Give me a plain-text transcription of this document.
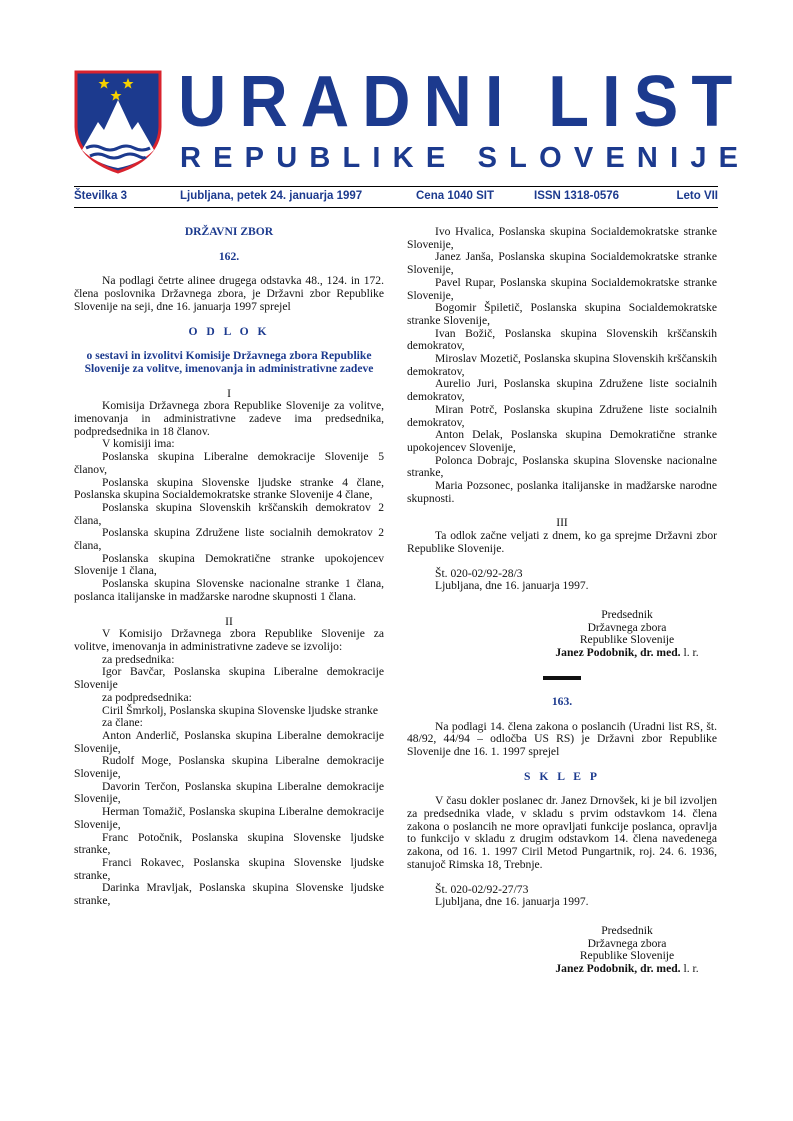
URADNI LIST
REPUBLIKE SLOVENIJE
Številka 3	Ljubljana, petek 24. januarja 1997	Cena 1040 SIT	ISSN 1318-0576	Leto VII

DRŽAVNI ZBOR

162.

Na podlagi četrte alinee drugega odstavka 48., 124. in 172. člena poslovnika Državnega zbora, je Državni zbor Republike Slovenije na seji, dne 16. januarja 1997 sprejel

O D L O K

o sestavi in izvolitvi Komisije Državnega zbora Republike Slovenije za volitve, imenovanja in administrativne zadeve

I

Komisija Državnega zbora Republike Slovenije za volitve, imenovanja in administrativne zadeve ima predsednika, podpredsednika in 18 članov.

V komisiji ima:

Poslanska skupina Liberalne demokracije Slovenije 5 članov,

Poslanska skupina Slovenske ljudske stranke 4 člane, Poslanska skupina Socialdemokratske stranke Slovenije 4 člane,

Poslanska skupina Slovenskih krščanskih demokratov 2 člana,

Poslanska skupina Združene liste socialnih demokratov 2 člana,

Poslanska skupina Demokratične stranke upokojencev Slovenije 1 člana,

Poslanska skupina Slovenske nacionalne stranke 1 člana, poslanca italijanske in madžarske narodne skupnosti 1 člana.

II

V Komisijo Državnega zbora Republike Slovenije za volitve, imenovanja in administrativne zadeve se izvolijo:

za predsednika:

Igor Bavčar, Poslanska skupina Liberalne demokracije Slovenije

za podpredsednika:

Ciril Šmrkolj, Poslanska skupina Slovenske ljudske stranke

za člane:

Anton Anderlič, Poslanska skupina Liberalne demokracije Slovenije,

Rudolf Moge, Poslanska skupina Liberalne demokracije Slovenije,

Davorin Terčon, Poslanska skupina Liberalne demokracije Slovenije,

Herman Tomažič, Poslanska skupina Liberalne demokracije Slovenije,

Franc Potočnik, Poslanska skupina Slovenske ljudske stranke,

Franci Rokavec, Poslanska skupina Slovenske ljudske stranke,

Darinka Mravljak, Poslanska skupina Slovenske ljudske stranke,

Ivo Hvalica, Poslanska skupina Socialdemokratske stranke Slovenije,

Janez Janša, Poslanska skupina Socialdemokratske stranke Slovenije,

Pavel Rupar, Poslanska skupina Socialdemokratske stranke Slovenije,

Bogomir Špiletič, Poslanska skupina Socialdemokratske stranke Slovenije,

Ivan Božič, Poslanska skupina Slovenskih krščanskih demokratov,

Miroslav Mozetič, Poslanska skupina Slovenskih krščanskih demokratov,

Aurelio Juri, Poslanska skupina Združene liste socialnih demokratov,

Miran Potrč, Poslanska skupina Združene liste socialnih demokratov,

Anton Delak, Poslanska skupina Demokratične stranke upokojencev Slovenije,

Polonca Dobrajc, Poslanska skupina Slovenske nacionalne stranke,

Maria Pozsonec, poslanka italijanske in madžarske narodne skupnosti.

III

Ta odlok začne veljati z dnem, ko ga sprejme Državni zbor Republike Slovenije.

Št. 020-02/92-28/3

Ljubljana, dne 16. januarja 1997.

Predsednik

Državnega zbora

Republike Slovenije

Janez Podobnik, dr. med. l. r.

163.

Na podlagi 14. člena zakona o poslancih (Uradni list RS, št. 48/92, 44/94 – odločba US RS) je Državni zbor Republike Slovenije dne 16. 1. 1997 sprejel

S K L E P

V času dokler poslanec dr. Janez Drnovšek, ki je bil izvoljen za predsednika vlade, v skladu s prvim odstavkom 14. člena zakona o poslancih ne more opravljati funkcije poslanca, opravlja to funkcijo v skladu z drugim odstavkom 14. člena navedenega zakona, od 16. 1. 1997 Ciril Metod Pungartnik, roj. 24. 6. 1936, stanujoč Rimska 18, Trebnje.

Št. 020-02/92-27/73

Ljubljana, dne 16. januarja 1997.

Predsednik

Državnega zbora

Republike Slovenije

Janez Podobnik, dr. med. l. r.
